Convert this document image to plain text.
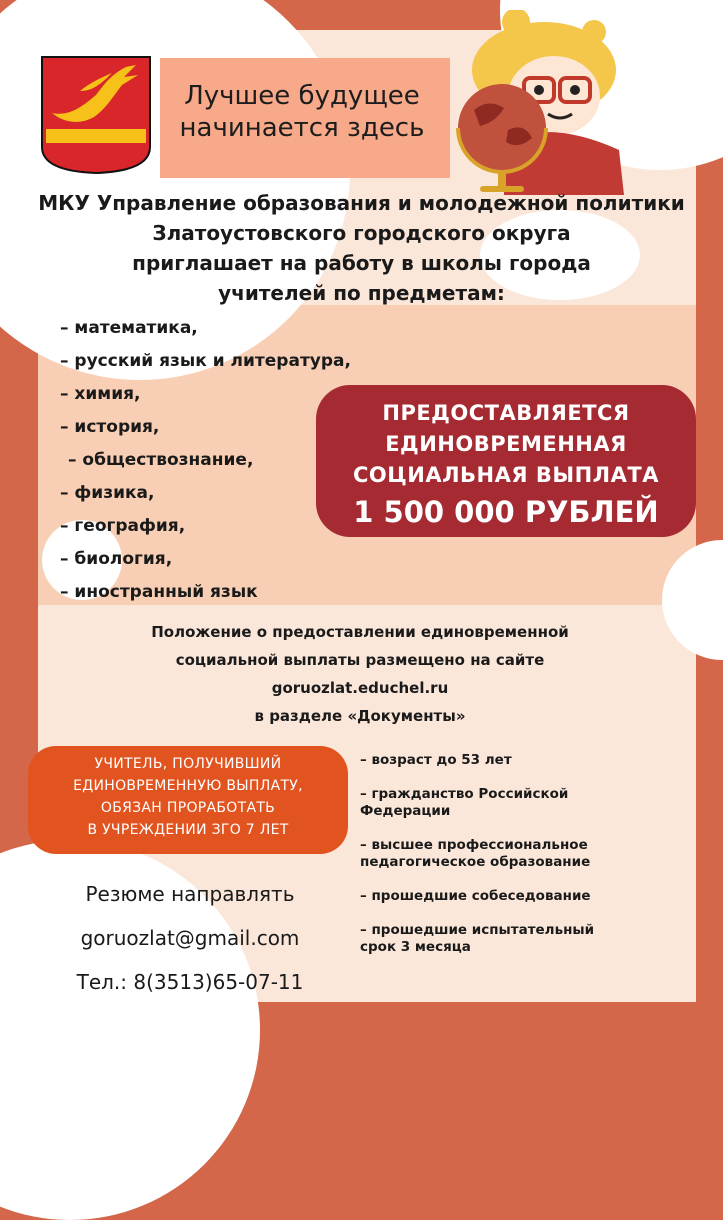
Лучшее будущее
начинается здесь
МКУ Управление образования и молодежной политики
Златоустовского городского округа
приглашает на работу в школы города
учителей по предметам:
– математика,
– русский язык и литература,
– химия,
– история,
– обществознание,
– физика,
– география,
– биология,
– иностранный язык
ПРЕДОСТАВЛЯЕТСЯ
ЕДИНОВРЕМЕННАЯ
СОЦИАЛЬНАЯ ВЫПЛАТА
1 500 000 РУБЛЕЙ
Положение о предоставлении единовременной
социальной выплаты размещено на сайте
goruozlat.educhel.ru
в разделе «Документы»
УЧИТЕЛЬ, ПОЛУЧИВШИЙ
ЕДИНОВРЕМЕННУЮ ВЫПЛАТУ,
ОБЯЗАН ПРОРАБОТАТЬ
В УЧРЕЖДЕНИИ ЗГО 7 ЛЕТ
– возраст до 53 лет
– гражданство Российской
Федерации
– высшее профессиональное
педагогическое образование
– прошедшие собеседование
– прошедшие испытательный
срок 3 месяца
Резюме направлять
goruozlat@gmail.com
Тел.: 8(3513)65-07-11
